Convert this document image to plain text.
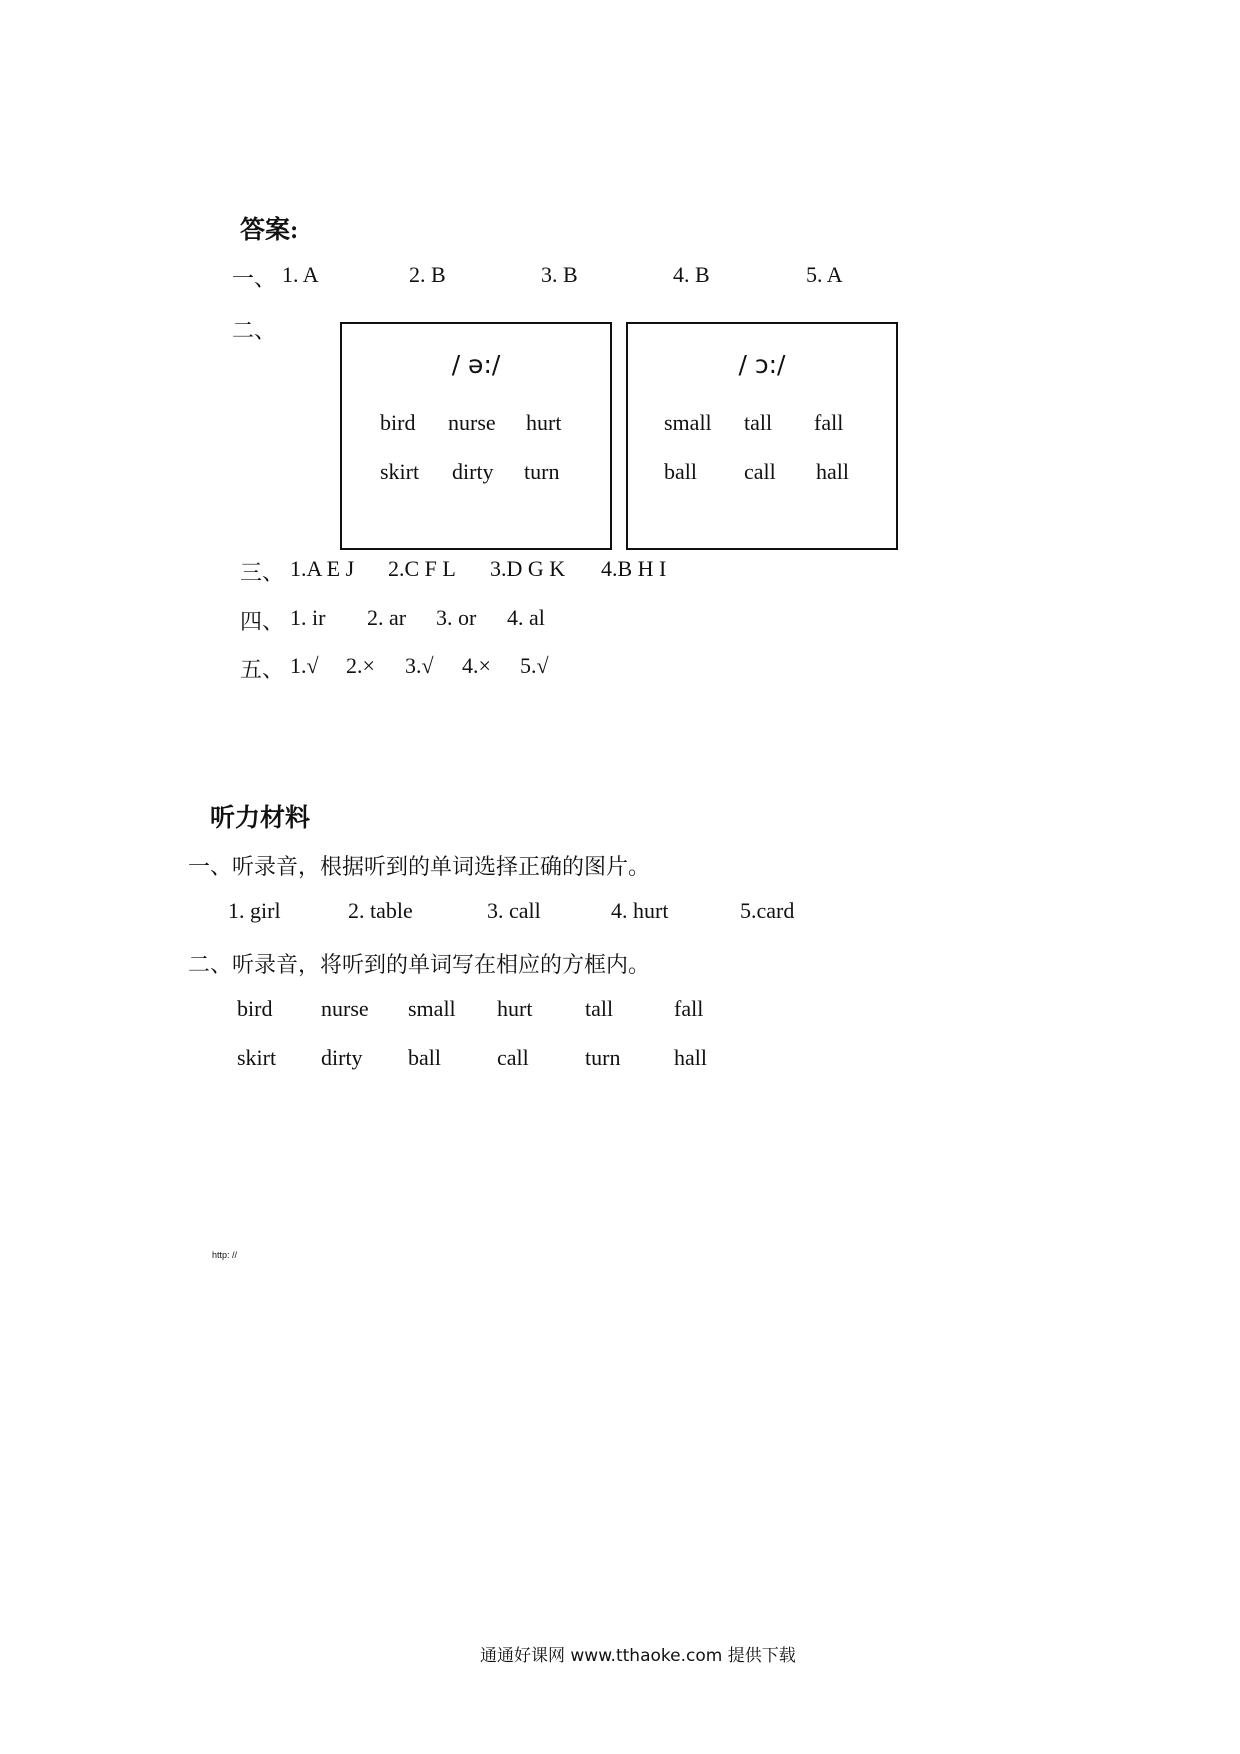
答案:
一、 1. A	2. B	3. B	4. B	5. A
二、
/ ə:/
bird nurse hurt
skirt dirty turn
/ ɔ:/
small tall fall
ball call hall
三、 1.A E J 2.C F L 3.D G K 4.B H I
四、 1. ir 2. ar 3. or 4. al
五、 1.√ 2.× 3.√ 4.× 5.√
听力材料
一、听录音，根据听到的单词选择正确的图片。
1. girl	2. table	3. call	4. hurt	5.card
二、听录音，将听到的单词写在相应的方框内。
bird nurse small hurt tall	fall
skirt dirty ball	call	turn hall
http: //
通通好课网 www.tthaoke.com 提供下载
